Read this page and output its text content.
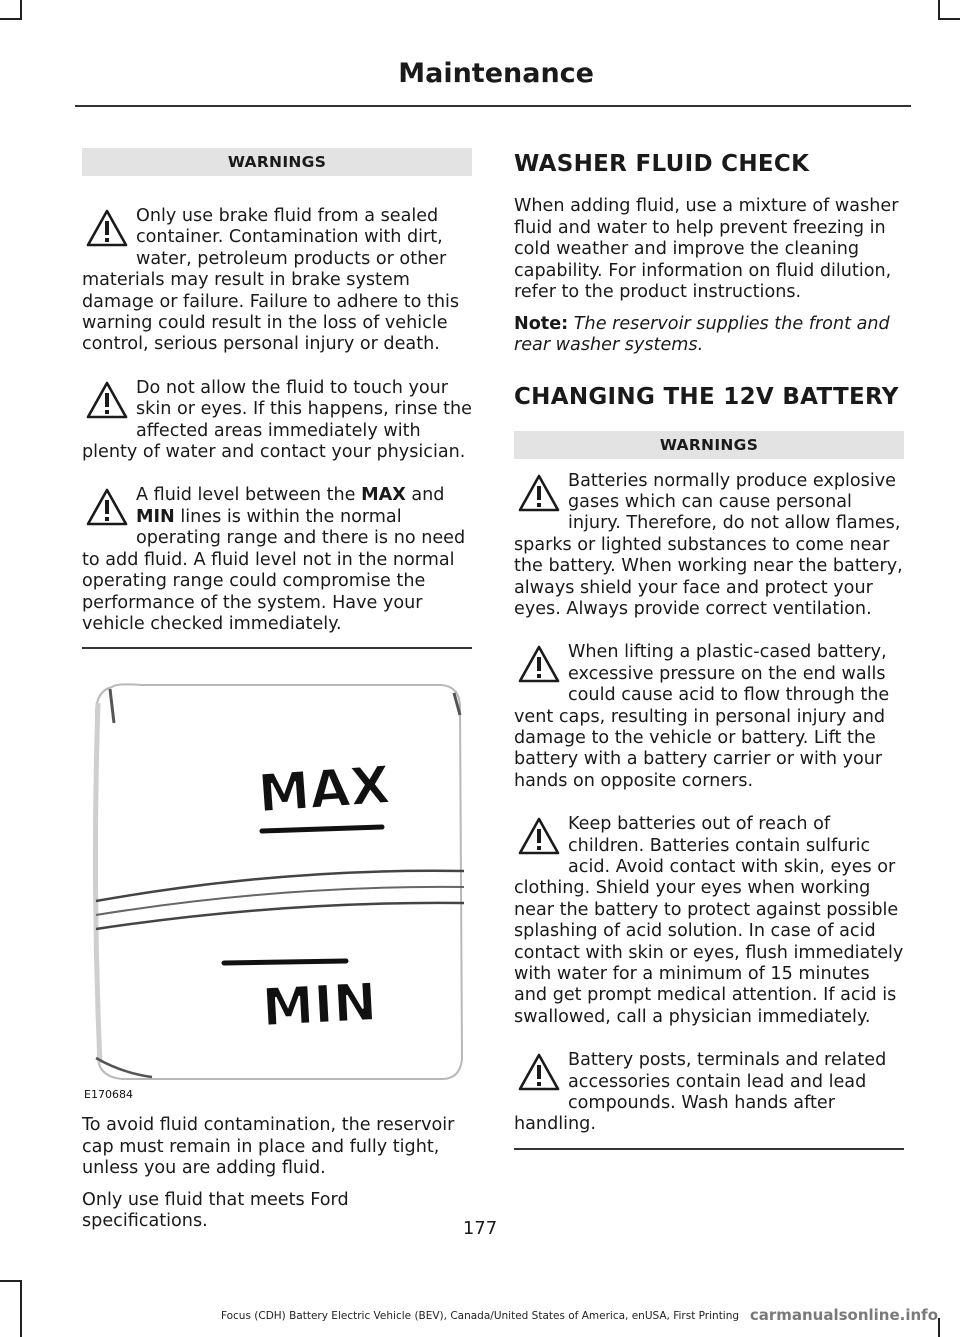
Maintenance
WARNINGS
Only use brake fluid from a sealed container. Contamination with dirt, water, petroleum products or other materials may result in brake system damage or failure. Failure to adhere to this warning could result in the loss of vehicle control, serious personal injury or death.
Do not allow the fluid to touch your skin or eyes. If this happens, rinse the affected areas immediately with plenty of water and contact your physician.
A fluid level between the MAX and MIN lines is within the normal operating range and there is no need to add fluid. A fluid level not in the normal operating range could compromise the performance of the system. Have your vehicle checked immediately.
MAX
MIN
E170684
To avoid fluid contamination, the reservoir cap must remain in place and fully tight, unless you are adding fluid.
Only use fluid that meets Ford specifications.
WASHER FLUID CHECK
When adding fluid, use a mixture of washer fluid and water to help prevent freezing in cold weather and improve the cleaning capability. For information on fluid dilution, refer to the product instructions.
Note: The reservoir supplies the front and rear washer systems.
CHANGING THE 12V BATTERY
WARNINGS
Batteries normally produce explosive gases which can cause personal injury. Therefore, do not allow flames, sparks or lighted substances to come near the battery. When working near the battery, always shield your face and protect your eyes. Always provide correct ventilation.
When lifting a plastic-cased battery, excessive pressure on the end walls could cause acid to flow through the vent caps, resulting in personal injury and damage to the vehicle or battery. Lift the battery with a battery carrier or with your hands on opposite corners.
Keep batteries out of reach of children. Batteries contain sulfuric acid. Avoid contact with skin, eyes or clothing. Shield your eyes when working near the battery to protect against possible splashing of acid solution. In case of acid contact with skin or eyes, flush immediately with water for a minimum of 15 minutes and get prompt medical attention. If acid is swallowed, call a physician immediately.
Battery posts, terminals and related accessories contain lead and lead compounds. Wash hands after handling.
177
Focus (CDH) Battery Electric Vehicle (BEV), Canada/United States of America, enUSA, First Printing carmanualsonline.info
